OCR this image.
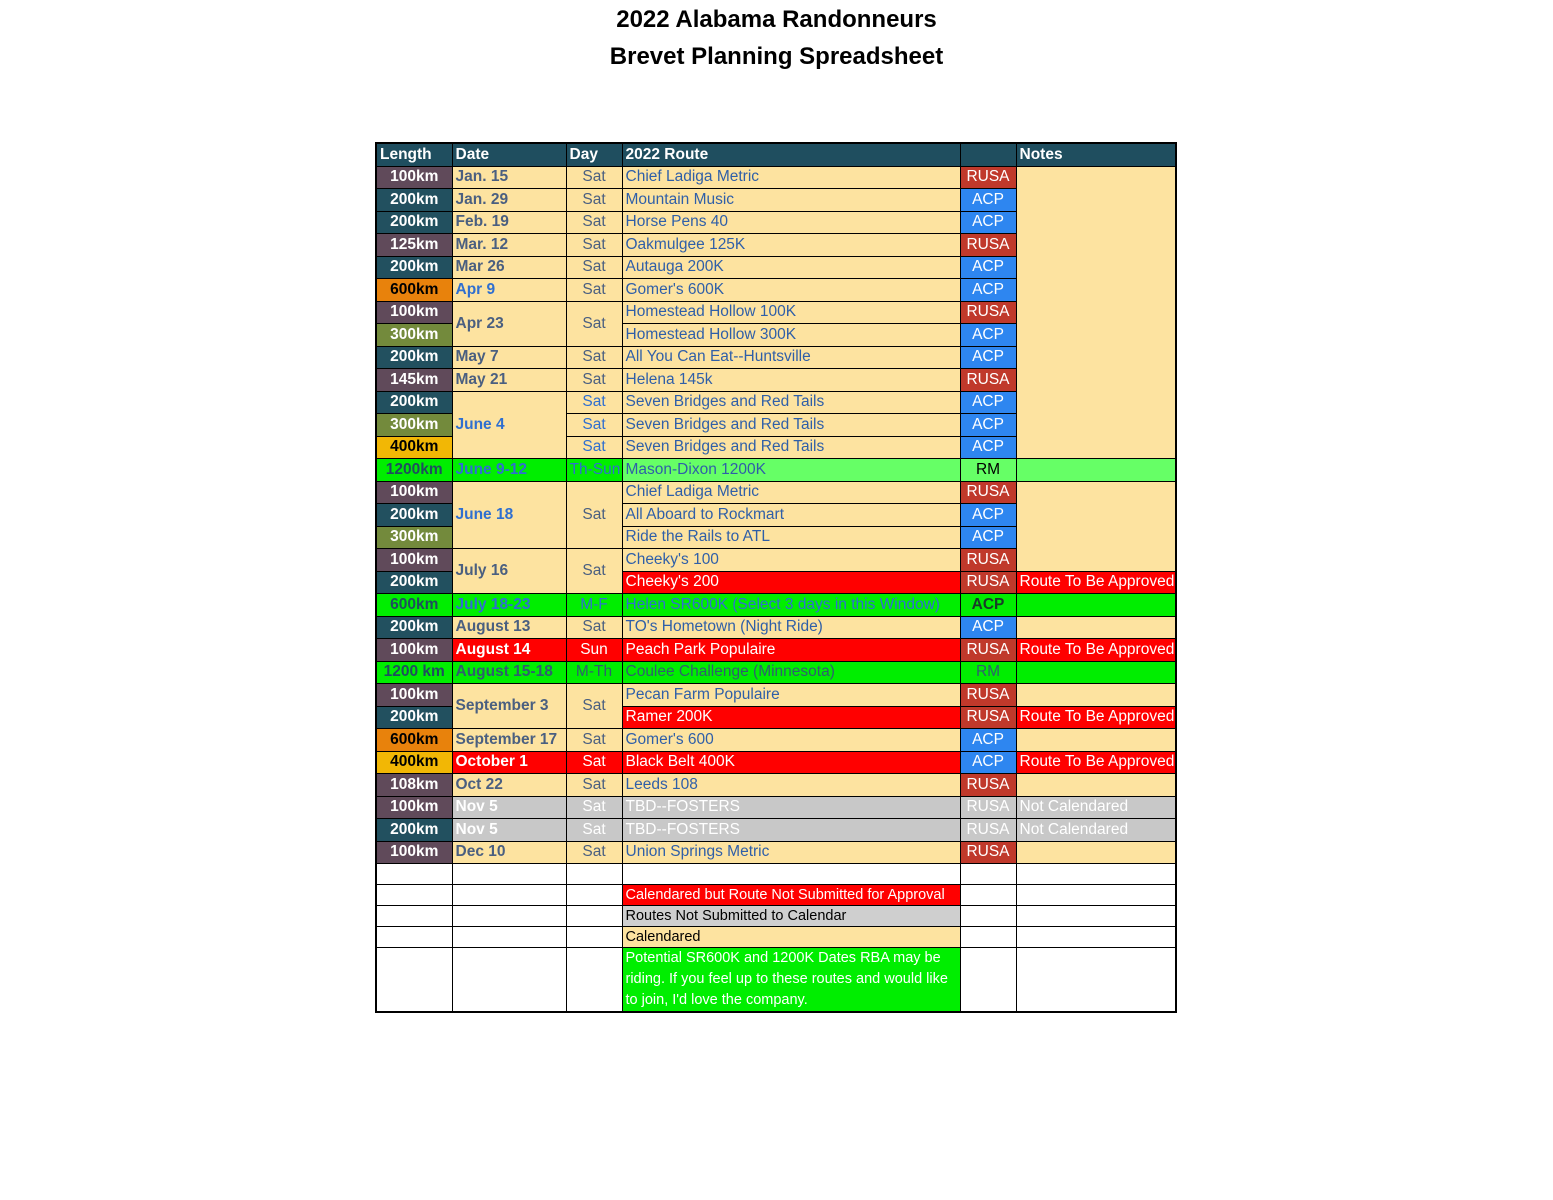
2022 Alabama Randonneurs
Brevet Planning Spreadsheet
Length	Date	Day	2022 Route		Notes
100km	Jan. 15	Sat	Chief Ladiga Metric	RUSA	
200km	Jan. 29	Sat	Mountain Music	ACP	
200km	Feb. 19	Sat	Horse Pens 40	ACP	
125km	Mar. 12	Sat	Oakmulgee 125K	RUSA	
200km	Mar 26	Sat	Autauga 200K	ACP	
600km	Apr 9	Sat	Gomer's 600K	ACP	
100km	Apr 23	Sat	Homestead Hollow 100K	RUSA	
300km			Homestead Hollow 300K	ACP	
200km	May 7	Sat	All You Can Eat--Huntsville	ACP	
145km	May 21	Sat	Helena 145k	RUSA	
200km	June 4	Sat	Seven Bridges and Red Tails	ACP	
300km		Sat	Seven Bridges and Red Tails	ACP	
400km		Sat	Seven Bridges and Red Tails	ACP	
1200km	June 9-12	Th-Sun	Mason-Dixon 1200K	RM	
100km	June 18	Sat	Chief Ladiga Metric	RUSA	
200km			All Aboard to Rockmart	ACP	
300km			Ride the Rails to ATL	ACP	
100km	July 16	Sat	Cheeky's 100	RUSA	
200km			Cheeky's 200	RUSA	Route To Be Approved
600km	July 18-23	M-F	Helen SR600K (Select 3 days in this Window)	ACP	
200km	August 13	Sat	TO's Hometown (Night Ride)	ACP	
100km	August 14	Sun	Peach Park Populaire	RUSA	Route To Be Approved
1200 km	August 15-18	M-Th	Coulee Challenge (Minnesota)	RM	
100km	September 3	Sat	Pecan Farm Populaire	RUSA	
200km			Ramer 200K	RUSA	Route To Be Approved
600km	September 17	Sat	Gomer's 600	ACP	
400km	October 1	Sat	Black Belt 400K	ACP	Route To Be Approved
108km	Oct 22	Sat	Leeds 108	RUSA	
100km	Nov 5	Sat	TBD--FOSTERS	RUSA	Not Calendared
200km	Nov 5	Sat	TBD--FOSTERS	RUSA	Not Calendared
100km	Dec 10	Sat	Union Springs Metric	RUSA	

			Calendared but Route Not Submitted for Approval		
			Routes Not Submitted to Calendar		
			Calendared		
			Potential SR600K and 1200K Dates RBA may be riding. If you feel up to these routes and would like to join, I'd love the company.		
